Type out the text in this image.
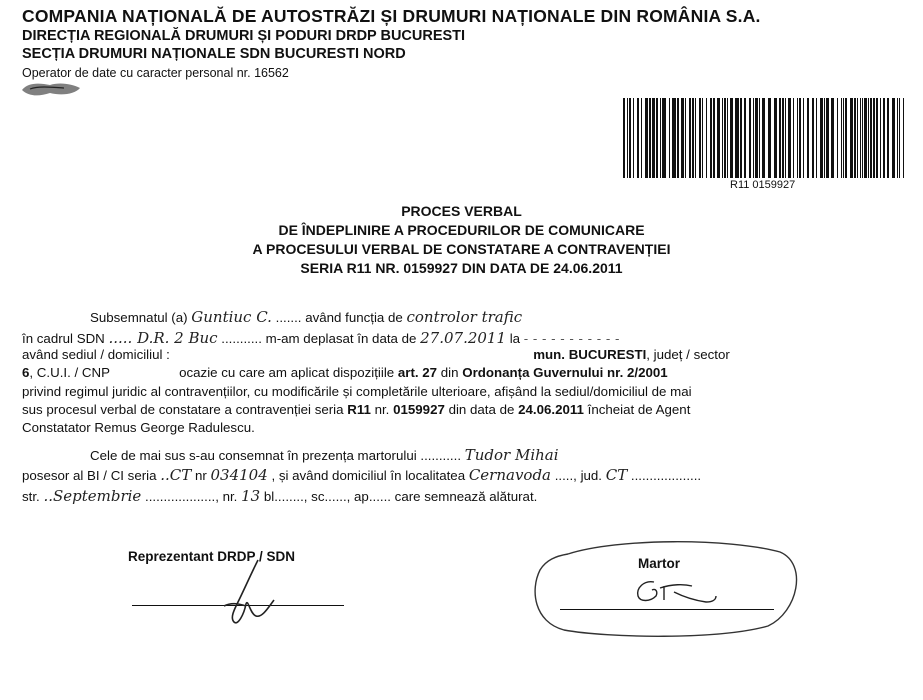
COMPANIA NAȚIONALĂ DE AUTOSTRĂZI ȘI DRUMURI NAȚIONALE DIN ROMÂNIA S.A.
DIRECȚIA REGIONALĂ DRUMURI ȘI PODURI DRDP BUCURESTI
SECȚIA DRUMURI NAȚIONALE SDN BUCURESTI NORD
Operator de date cu caracter personal nr. 16562
R11 0159927
PROCES VERBAL
DE ÎNDEPLINIRE A PROCEDURILOR DE COMUNICARE
A PROCESULUI VERBAL DE CONSTATARE A CONTRAVENȚIEI
SERIA R11 NR. 0159927 DIN DATA DE 24.06.2011
Subsemnatul (a) Guntiuc C. ....... având funcția de controlor trafic
în cadrul SDN ..... D.R. 2 Buc ........... m-am deplasat în data de 27.07.2011 la - - - - - - - - - - -
având sediul / domiciliul :	mun. BUCURESTI, județ / sector
6, C.U.I. / CNP	ocazie cu care am aplicat dispozițiile art. 27 din Ordonanța Guvernului nr. 2/2001
privind regimul juridic al contravențiilor, cu modificările și completările ulterioare, afișând la sediul/domiciliul de mai
sus procesul verbal de constatare a contravenției seria R11 nr. 0159927 din data de 24.06.2011 încheiat de Agent
Constatator Remus George Radulescu.
Cele de mai sus s-au consemnat în prezența martorului ........... Tudor Mihai
posesor al BI / CI seria ..CT nr 034104 , și având domiciliul în localitatea Cernavoda ....., jud. CT ...................
str. ..Septembrie ..................., nr. 13 bl........, sc......, ap...... care semnează alăturat.
Reprezentant DRDP / SDN	Martor
